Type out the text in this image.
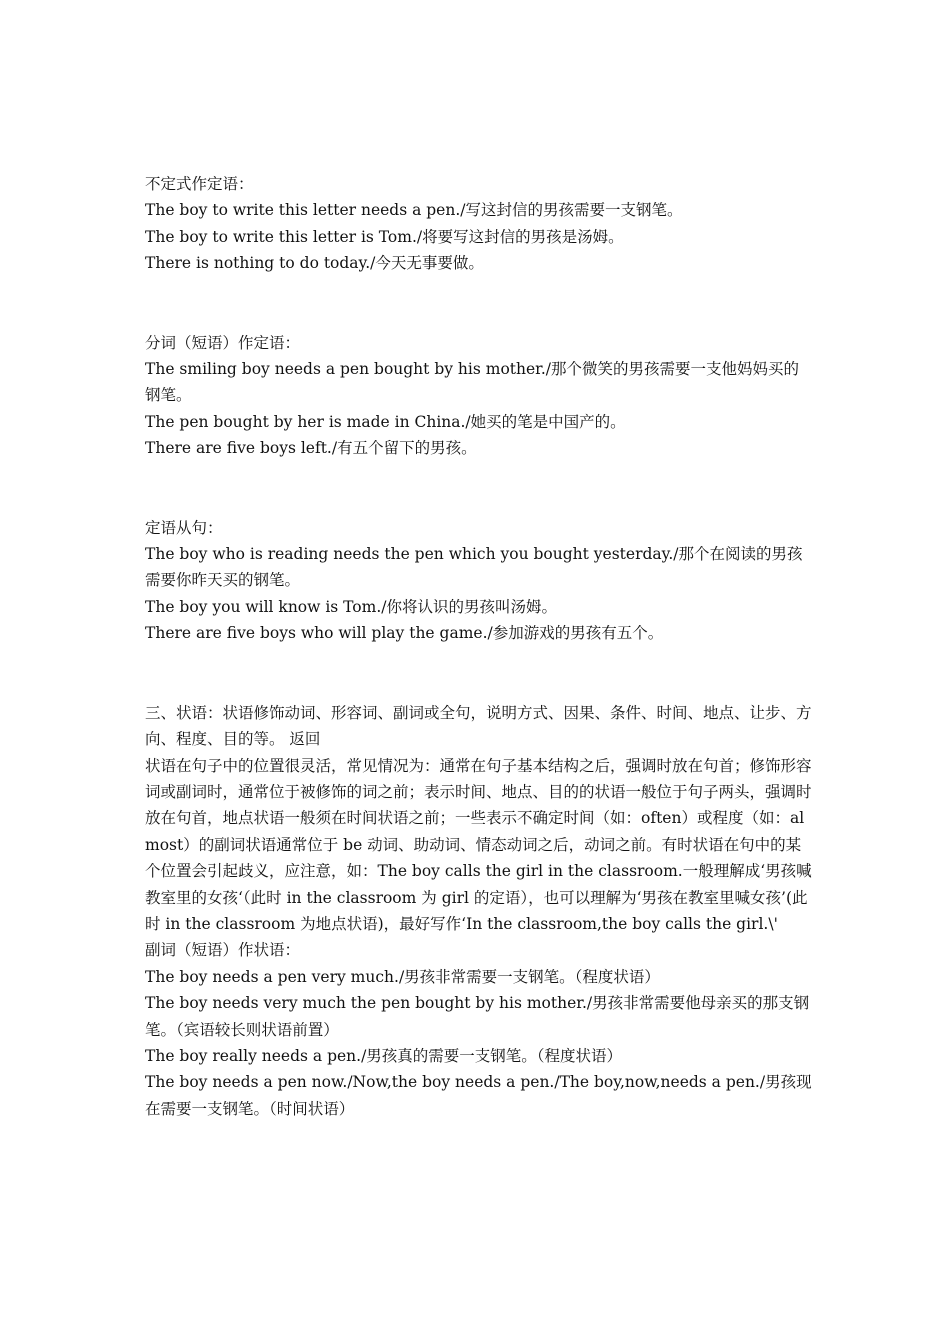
不定式作定语：

The boy to write this letter needs a pen./写这封信的男孩需要一支钢笔。

The boy to write this letter is Tom./将要写这封信的男孩是汤姆。

There is nothing to do today./今天无事要做。

分词（短语）作定语：

The smiling boy needs a pen bought by his mother./那个微笑的男孩需要一支他妈妈买的钢笔。

The pen bought by her is made in China./她买的笔是中国产的。

There are five boys left./有五个留下的男孩。

定语从句：

The boy who is reading needs the pen which you bought yesterday./那个在阅读的男孩需要你昨天买的钢笔。

The boy you will know is Tom./你将认识的男孩叫汤姆。

There are five boys who will play the game./参加游戏的男孩有五个。

三、状语：状语修饰动词、形容词、副词或全句，说明方式、因果、条件、时间、地点、让步、方向、程度、目的等。 返回

状语在句子中的位置很灵活，常见情况为：通常在句子基本结构之后，强调时放在句首；修饰形容词或副词时，通常位于被修饰的词之前；表示时间、地点、目的的状语一般位于句子两头，强调时放在句首，地点状语一般须在时间状语之前；一些表示不确定时间（如：often）或程度（如：almost）的副词状语通常位于 be 动词、助动词、情态动词之后，动词之前。有时状语在句中的某个位置会引起歧义，应注意，如：The boy calls the girl in the classroom.一般理解成‘男孩喊教室里的女孩‘（此时 in the classroom 为 girl 的定语），也可以理解为‘男孩在教室里喊女孩’(此时 in the classroom 为地点状语)，最好写作‘In the classroom,the boy calls the girl.\'

副词（短语）作状语：

The boy needs a pen very much./男孩非常需要一支钢笔。（程度状语）

The boy needs very much the pen bought by his mother./男孩非常需要他母亲买的那支钢笔。（宾语较长则状语前置）

The boy really needs a pen./男孩真的需要一支钢笔。（程度状语）

The boy needs a pen now./Now,the boy needs a pen./The boy,now,needs a pen./男孩现在需要一支钢笔。（时间状语）
